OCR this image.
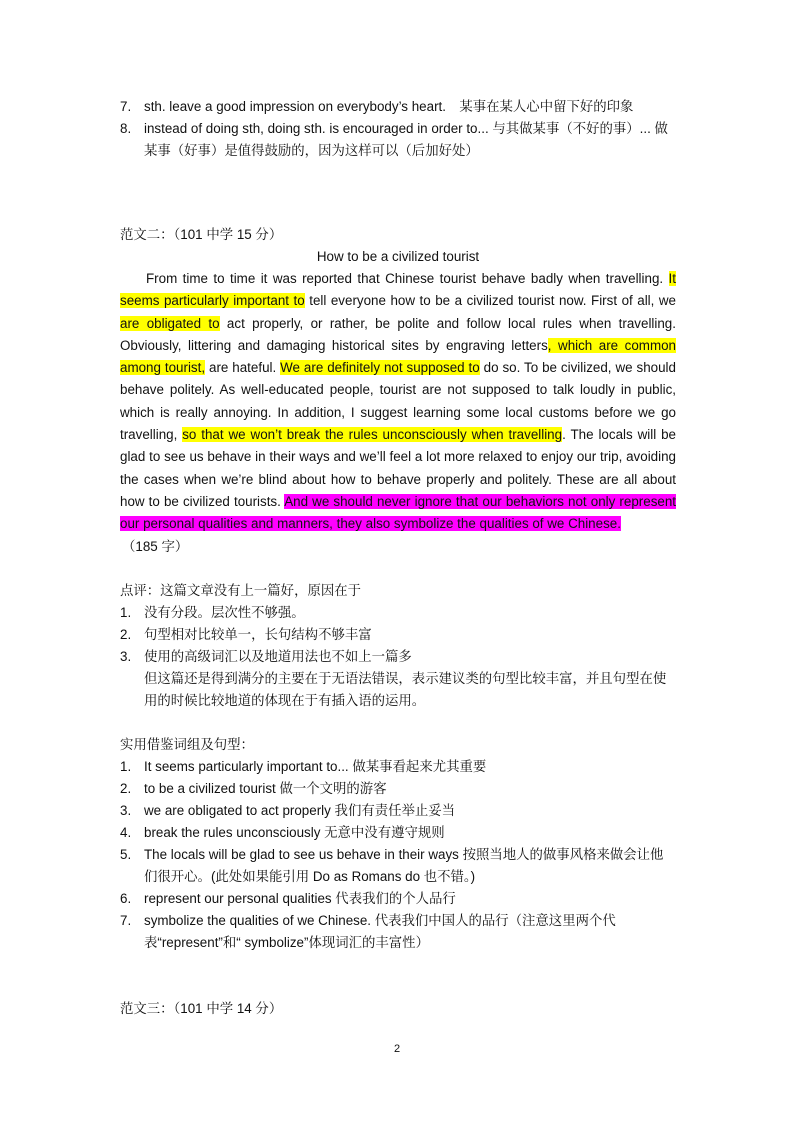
7. sth. leave a good impression on everybody’s heart.　某事在某人心中留下好的印象
8. instead of doing sth, doing sth. is encouraged in order to... 与其做某事（不好的事）... 做某事（好事）是值得鼓励的，因为这样可以（后加好处）
范文二：（101 中学 15 分）
How to be a civilized tourist
From time to time it was reported that Chinese tourist behave badly when travelling. It seems particularly important to tell everyone how to be a civilized tourist now. First of all, we are obligated to act properly, or rather, be polite and follow local rules when travelling. Obviously, littering and damaging historical sites by engraving letters, which are common among tourist, are hateful. We are definitely not supposed to do so. To be civilized, we should behave politely. As well-educated people, tourist are not supposed to talk loudly in public, which is really annoying. In addition, I suggest learning some local customs before we go travelling, so that we won’t break the rules unconsciously when travelling. The locals will be glad to see us behave in their ways and we’ll feel a lot more relaxed to enjoy our trip, avoiding the cases when we’re blind about how to behave properly and politely. These are all about how to be civilized tourists. And we should never ignore that our behaviors not only represent our personal qualities and manners, they also symbolize the qualities of we Chinese.
（185 字）
点评：这篇文章没有上一篇好，原因在于
1. 没有分段。层次性不够强。
2. 句型相对比较单一，长句结构不够丰富
3. 使用的高级词汇以及地道用法也不如上一篇多
但这篇还是得到满分的主要在于无语法错误，表示建议类的句型比较丰富，并且句型在使用的时候比较地道的体现在于有插入语的运用。
实用借鉴词组及句型：
1. It seems particularly important to... 做某事看起来尤其重要
2. to be a civilized tourist 做一个文明的游客
3. we are obligated to act properly 我们有责任举止妥当
4. break the rules unconsciously 无意中没有遵守规则
5. The locals will be glad to see us behave in their ways 按照当地人的做事风格来做会让他们很开心。(此处如果能引用 Do as Romans do 也不错。)
6. represent our personal qualities 代表我们的个人品行
7. symbolize the qualities of we Chinese. 代表我们中国人的品行（注意这里两个代表“represent”和“ symbolize”体现词汇的丰富性）
范文三：（101 中学 14 分）
2
